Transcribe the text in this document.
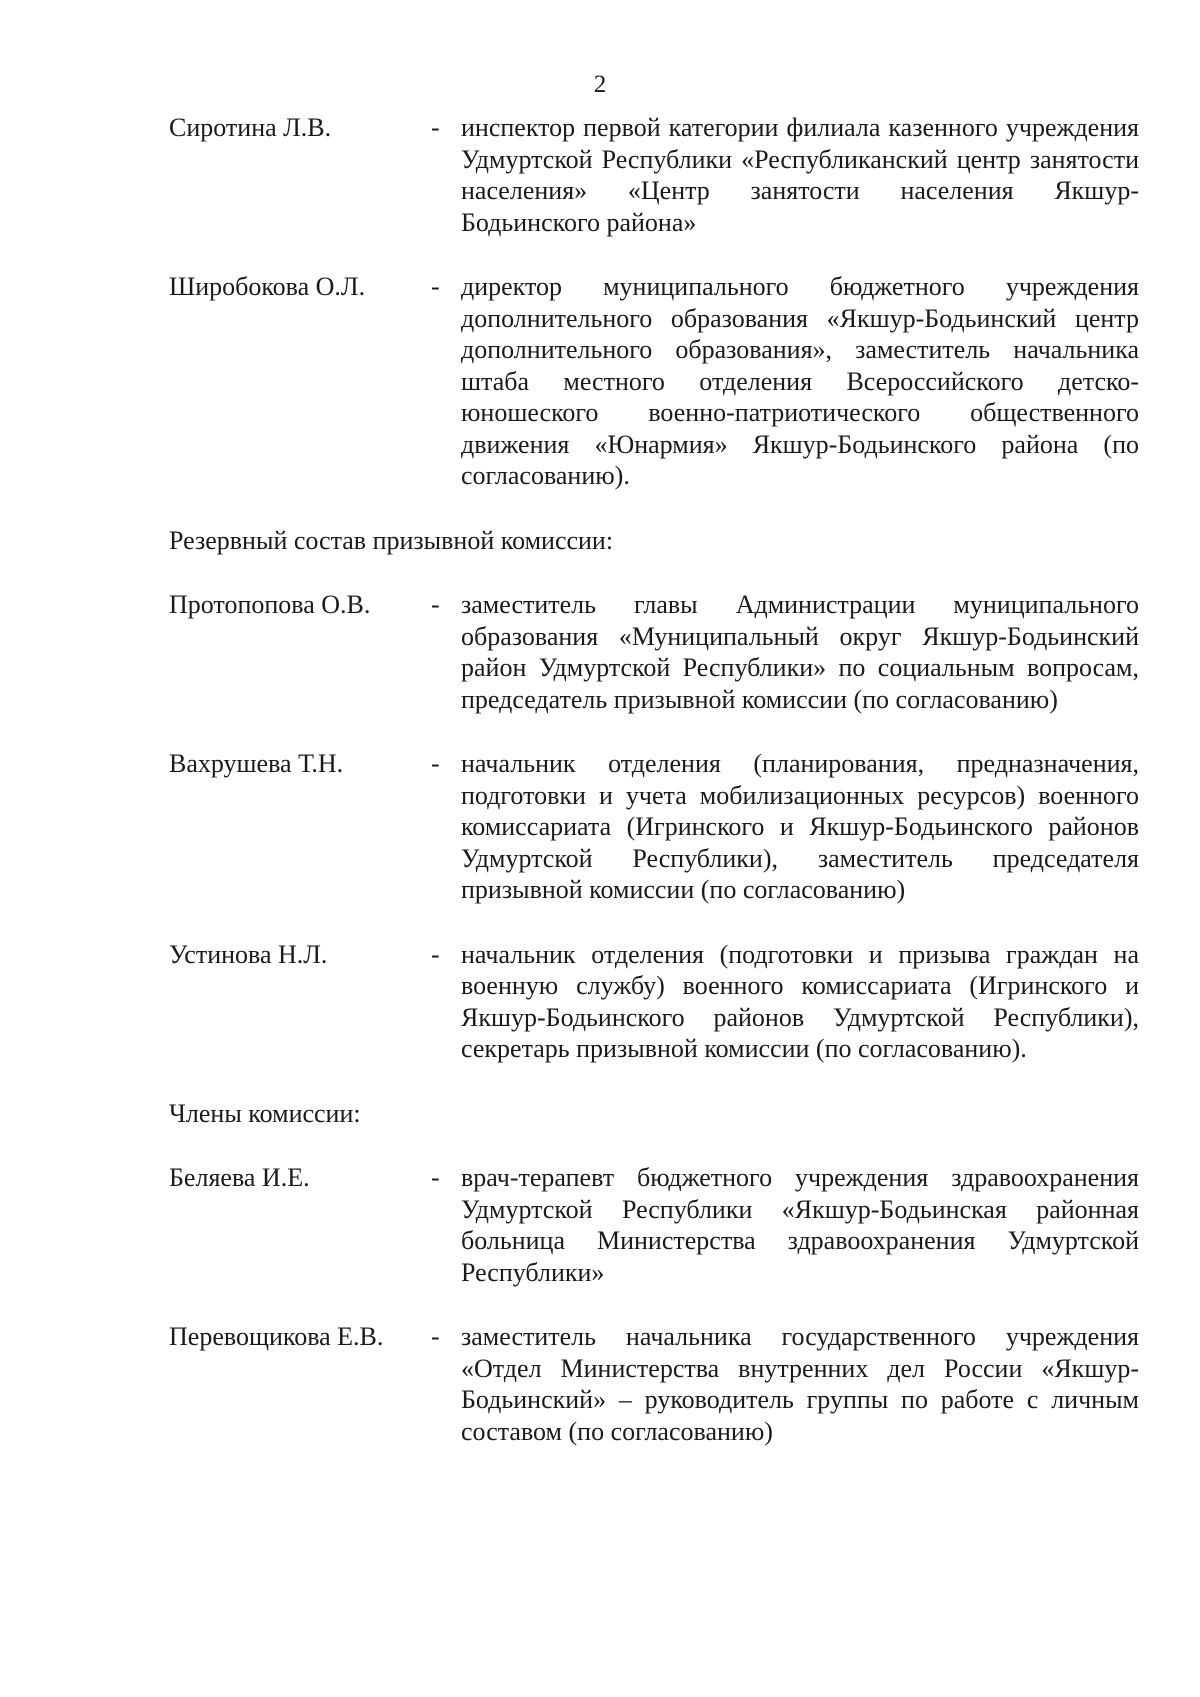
2
Сиротина Л.В.	- инспектор первой категории филиала казенного учреждения Удмуртской Республики «Республиканский центр занятости населения» «Центр занятости населения Якшур-Бодьинского района»
Широбокова О.Л.	- директор муниципального бюджетного учреждения дополнительного образования «Якшур-Бодьинский центр дополнительного образования», заместитель начальника штаба местного отделения Всероссийского детско-юношеского военно-патриотического общественного движения «Юнармия» Якшур-Бодьинского района (по согласованию).
Резервный состав призывной комиссии:
Протопопова О.В.	- заместитель главы Администрации муниципального образования «Муниципальный округ Якшур-Бодьинский район Удмуртской Республики» по социальным вопросам, председатель призывной комиссии (по согласованию)
Вахрушева Т.Н.	- начальник отделения (планирования, предназначения, подготовки и учета мобилизационных ресурсов) военного комиссариата (Игринского и Якшур-Бодьинского районов Удмуртской Республики), заместитель председателя призывной комиссии (по согласованию)
Устинова Н.Л.	- начальник отделения (подготовки и призыва граждан на военную службу) военного комиссариата (Игринского и Якшур-Бодьинского районов Удмуртской Республики), секретарь призывной комиссии (по согласованию).
Члены комиссии:
Беляева И.Е.	- врач-терапевт бюджетного учреждения здравоохранения Удмуртской Республики «Якшур-Бодьинская районная больница Министерства здравоохранения Удмуртской Республики»
Перевощикова Е.В.	- заместитель начальника государственного учреждения «Отдел Министерства внутренних дел России «Якшур-Бодьинский» – руководитель группы по работе с личным составом (по согласованию)
